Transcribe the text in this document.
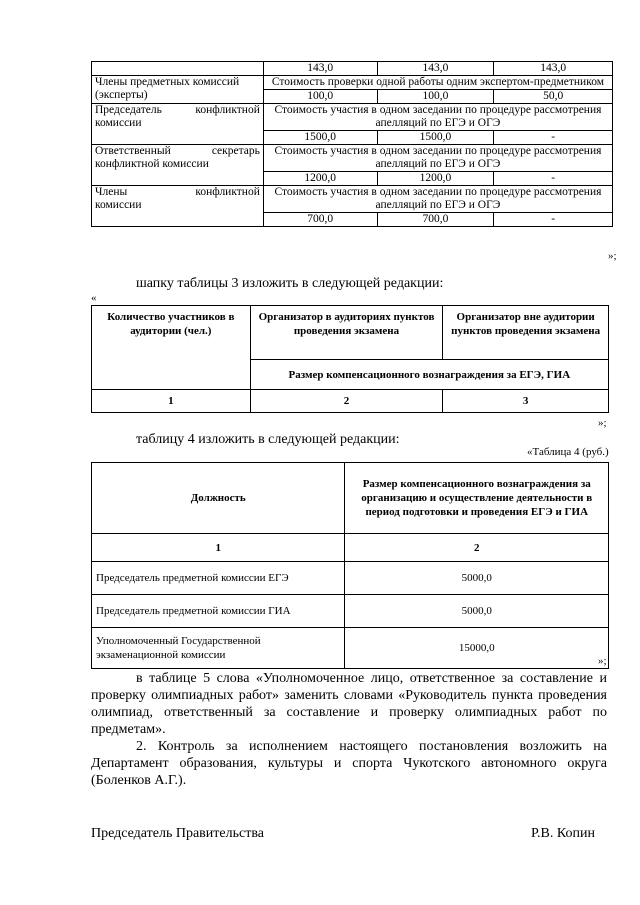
	143,0	143,0	143,0
Члены предметных комиссий (эксперты)	Стоимость проверки одной работы одним экспертом-предметником		
	100,0	100,0	50,0

Председатель конфликтной
комиссии	Стоимость участия в одном заседании по процедуре рассмотрения апелляций по ЕГЭ и ОГЭ		
	1500,0	1500,0	-

Ответственный секретарь
конфликтной комиссии	Стоимость участия в одном заседании по процедуре рассмотрения апелляций по ЕГЭ и ОГЭ		
	1200,0	1200,0	-

Члены конфликтной
комиссии	Стоимость участия в одном заседании по процедуре рассмотрения апелляций по ЕГЭ и ОГЭ		
	700,0	700,0	-
»;
шапку таблицы 3 изложить в следующей редакции:
«
Количество участников в аудитории (чел.)	Организатор в аудиториях пунктов проведения экзамена	Организатор вне аудитории пунктов проведения экзамена
	Размер компенсационного вознаграждения за ЕГЭ, ГИА	
1	2	3
»;
таблицу 4 изложить в следующей редакции:
«Таблица 4 (руб.)
Должность	Размер компенсационного вознаграждения за организацию и осуществление деятельности в период подготовки и проведения ЕГЭ и ГИА
1	2
Председатель предметной комиссии ЕГЭ	5000,0
Председатель предметной комиссии ГИА	5000,0
Уполномоченный Государственной экзаменационной комиссии	15000,0
»;
в таблице 5 слова «Уполномоченное лицо, ответственное за составление и проверку олимпиадных работ» заменить словами «Руководитель пункта проведения олимпиад, ответственный за составление и проверку олимпиадных работ по предметам».
2. Контроль за исполнением настоящего постановления возложить на Департамент образования, культуры и спорта Чукотского автономного округа (Боленков А.Г.).
Председатель Правительства	Р.В. Копин
